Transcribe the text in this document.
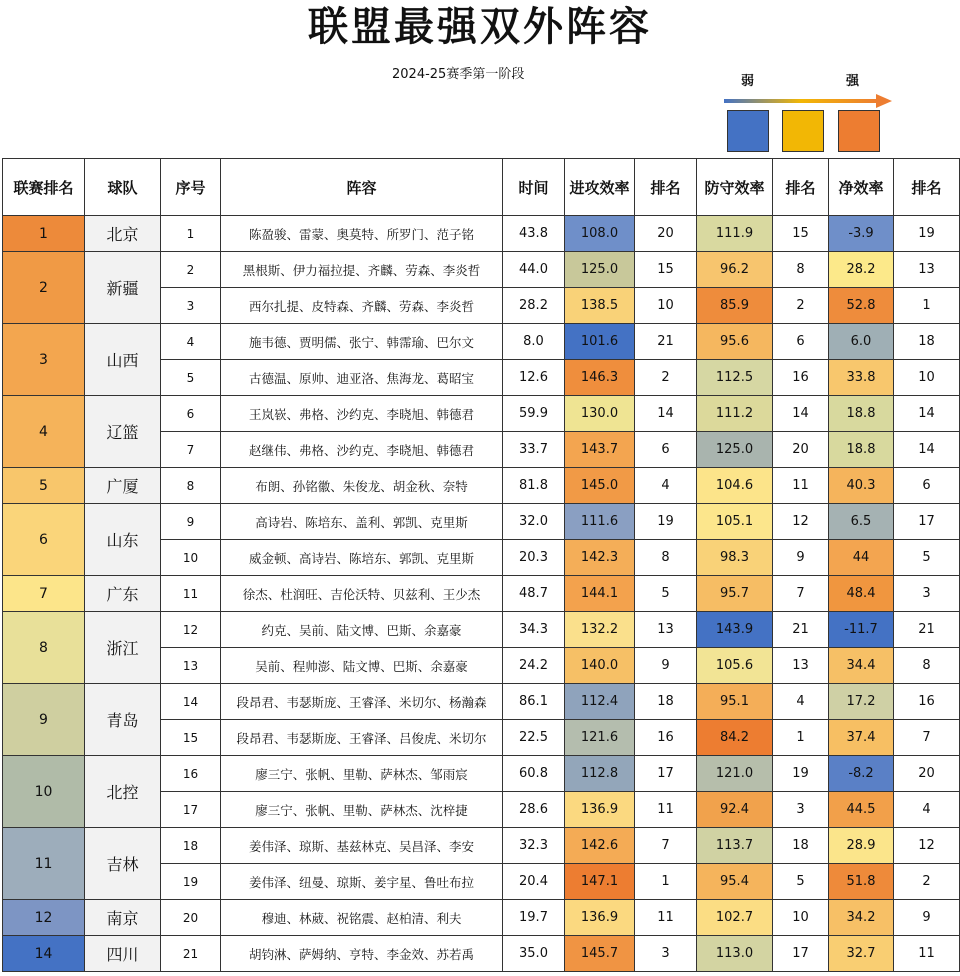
联盟最强双外阵容
2024-25赛季第一阶段	弱	强
联赛排名	球队	序号	阵容	时间	进攻效率	排名	防守效率	排名	净效率	排名
1	北京	1	陈盈骏、雷蒙、奥莫特、所罗门、范子铭	43.8	108.0	20	111.9	15	-3.9	19
2	新疆	2	黑根斯、伊力福拉提、齐麟、劳森、李炎哲	44.0	125.0	15	96.2	8	28.2	13
		3	西尔扎提、皮特森、齐麟、劳森、李炎哲	28.2	138.5	10	85.9	2	52.8	1
3	山西	4	施韦德、贾明儒、张宁、韩霈瑜、巴尔文	8.0	101.6	21	95.6	6	6.0	18
		5	古德温、原帅、迪亚洛、焦海龙、葛昭宝	12.6	146.3	2	112.5	16	33.8	10
4	辽篮	6	王岚嵚、弗格、沙约克、李晓旭、韩德君	59.9	130.0	14	111.2	14	18.8	14
		7	赵继伟、弗格、沙约克、李晓旭、韩德君	33.7	143.7	6	125.0	20	18.8	14
5	广厦	8	布朗、孙铭徽、朱俊龙、胡金秋、奈特	81.8	145.0	4	104.6	11	40.3	6
6	山东	9	高诗岩、陈培东、盖利、郭凯、克里斯	32.0	111.6	19	105.1	12	6.5	17
		10	威金顿、高诗岩、陈培东、郭凯、克里斯	20.3	142.3	8	98.3	9	44	5
7	广东	11	徐杰、杜润旺、吉伦沃特、贝兹利、王少杰	48.7	144.1	5	95.7	7	48.4	3
8	浙江	12	约克、吴前、陆文博、巴斯、余嘉豪	34.3	132.2	13	143.9	21	-11.7	21
		13	吴前、程帅澎、陆文博、巴斯、余嘉豪	24.2	140.0	9	105.6	13	34.4	8
9	青岛	14	段昂君、韦瑟斯庞、王睿泽、米切尔、杨瀚森	86.1	112.4	18	95.1	4	17.2	16
		15	段昂君、韦瑟斯庞、王睿泽、吕俊虎、米切尔	22.5	121.6	16	84.2	1	37.4	7
10	北控	16	廖三宁、张帆、里勒、萨林杰、邹雨宸	60.8	112.8	17	121.0	19	-8.2	20
		17	廖三宁、张帆、里勒、萨林杰、沈梓捷	28.6	136.9	11	92.4	3	44.5	4
11	吉林	18	姜伟泽、琼斯、基兹林克、吴昌泽、李安	32.3	142.6	7	113.7	18	28.9	12
		19	姜伟泽、纽曼、琼斯、姜宇星、鲁吐布拉	20.4	147.1	1	95.4	5	51.8	2
12	南京	20	穆迪、林葳、祝铭震、赵柏清、利夫	19.7	136.9	11	102.7	10	34.2	9
14	四川	21	胡钧淋、萨姆纳、亨特、李金效、苏若禹	35.0	145.7	3	113.0	17	32.7	11
